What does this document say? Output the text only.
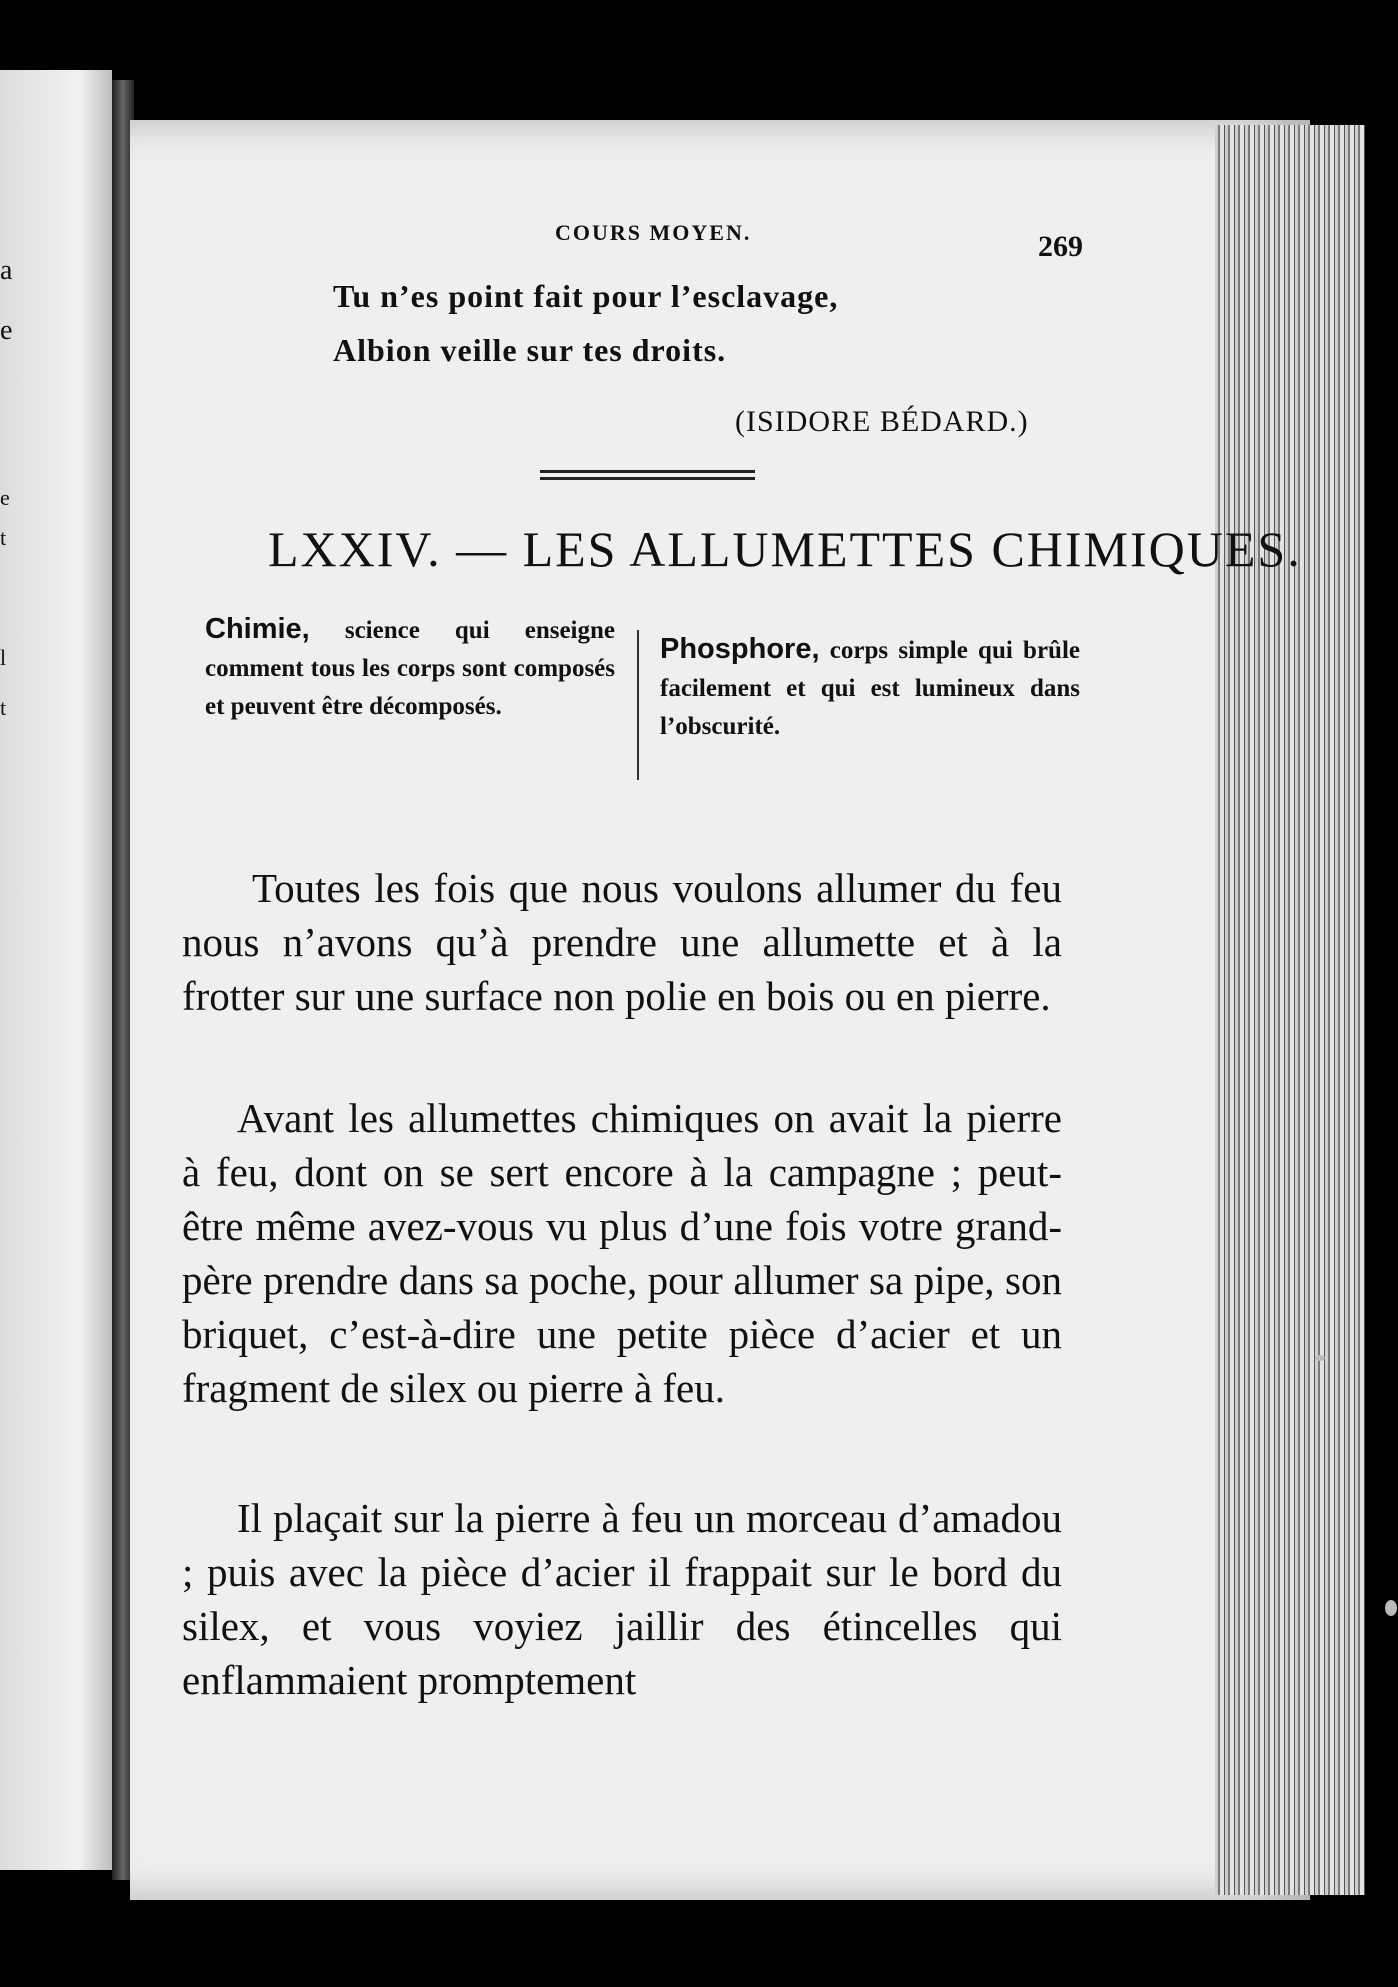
a
e
e
t
l
t
COURS MOYEN.	269
Tu n’es point fait pour l’esclavage,
Albion veille sur tes droits.
(ISIDORE BÉDARD.)
LXXIV. — LES ALLUMETTES CHIMIQUES.
Chimie, science qui enseigne comment tous les corps sont composés et peuvent être décomposés.
Phosphore, corps simple qui brûle facilement et qui est lumineux dans l’obscurité.

Toutes les fois que nous voulons allumer du feu nous n’avons qu’à prendre une allumette et à la frotter sur une surface non polie en bois ou en pierre.

Avant les allumettes chimiques on avait la pierre à feu, dont on se sert encore à la campagne ; peut-être même avez-vous vu plus d’une fois votre grand-père prendre dans sa poche, pour allumer sa pipe, son briquet, c’est-à-dire une petite pièce d’acier et un fragment de silex ou pierre à feu.

Il plaçait sur la pierre à feu un morceau d’amadou ; puis avec la pièce d’acier il frappait sur le bord du silex, et vous voyiez jaillir des étincelles qui enflammaient promptement
